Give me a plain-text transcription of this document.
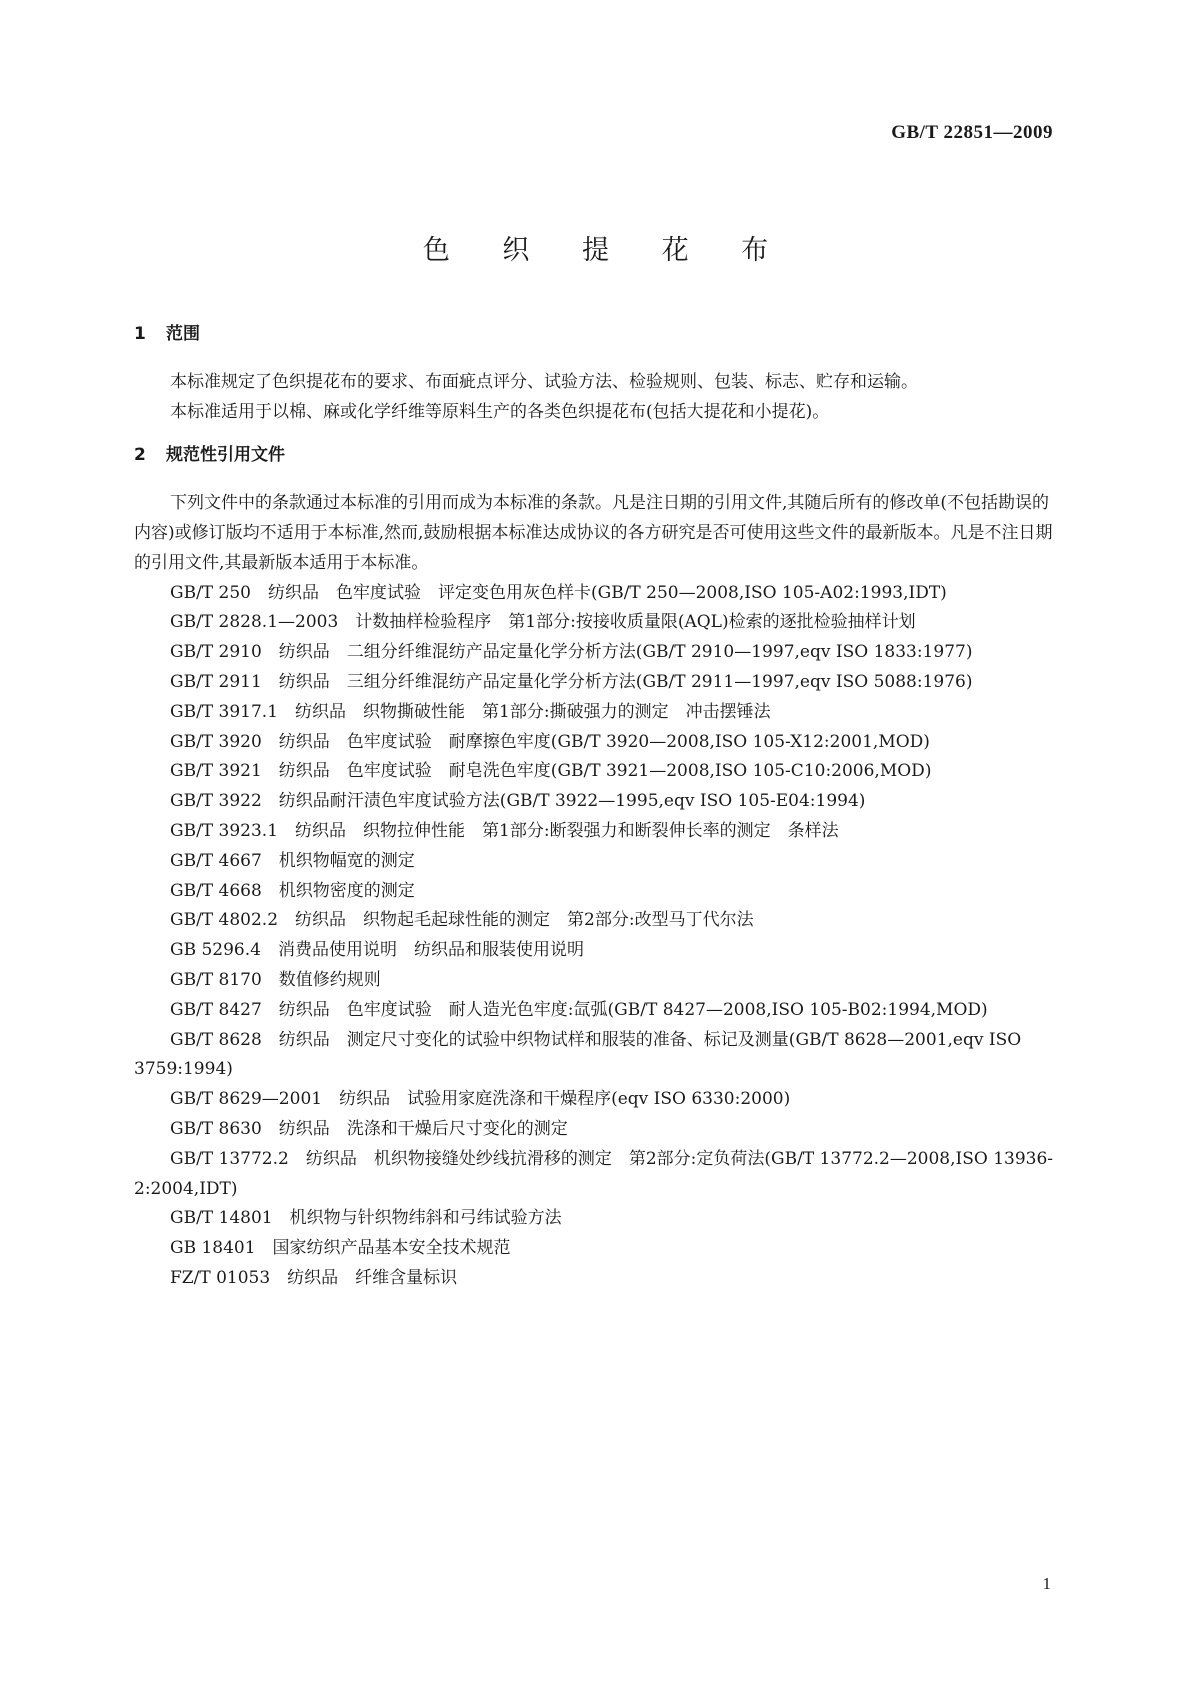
GB/T 22851—2009
色 织 提 花 布
1 范围
本标准规定了色织提花布的要求、布面疵点评分、试验方法、检验规则、包装、标志、贮存和运输。
本标准适用于以棉、麻或化学纤维等原料生产的各类色织提花布(包括大提花和小提花)。
2 规范性引用文件
下列文件中的条款通过本标准的引用而成为本标准的条款。凡是注日期的引用文件,其随后所有的修改单(不包括勘误的内容)或修订版均不适用于本标准,然而,鼓励根据本标准达成协议的各方研究是否可使用这些文件的最新版本。凡是不注日期的引用文件,其最新版本适用于本标准。
GB/T 250　纺织品　色牢度试验　评定变色用灰色样卡(GB/T 250—2008,ISO 105-A02:1993,IDT)
GB/T 2828.1—2003　计数抽样检验程序　第1部分:按接收质量限(AQL)检索的逐批检验抽样计划
GB/T 2910　纺织品　二组分纤维混纺产品定量化学分析方法(GB/T 2910—1997,eqv ISO 1833:1977)
GB/T 2911　纺织品　三组分纤维混纺产品定量化学分析方法(GB/T 2911—1997,eqv ISO 5088:1976)
GB/T 3917.1　纺织品　织物撕破性能　第1部分:撕破强力的测定　冲击摆锤法
GB/T 3920　纺织品　色牢度试验　耐摩擦色牢度(GB/T 3920—2008,ISO 105-X12:2001,MOD)
GB/T 3921　纺织品　色牢度试验　耐皂洗色牢度(GB/T 3921—2008,ISO 105-C10:2006,MOD)
GB/T 3922　纺织品耐汗渍色牢度试验方法(GB/T 3922—1995,eqv ISO 105-E04:1994)
GB/T 3923.1　纺织品　织物拉伸性能　第1部分:断裂强力和断裂伸长率的测定　条样法
GB/T 4667　机织物幅宽的测定
GB/T 4668　机织物密度的测定
GB/T 4802.2　纺织品　织物起毛起球性能的测定　第2部分:改型马丁代尔法
GB 5296.4　消费品使用说明　纺织品和服装使用说明
GB/T 8170　数值修约规则
GB/T 8427　纺织品　色牢度试验　耐人造光色牢度:氙弧(GB/T 8427—2008,ISO 105-B02:1994,MOD)
GB/T 8628　纺织品　测定尺寸变化的试验中织物试样和服装的准备、标记及测量(GB/T 8628—2001,eqv ISO 3759:1994)
GB/T 8629—2001　纺织品　试验用家庭洗涤和干燥程序(eqv ISO 6330:2000)
GB/T 8630　纺织品　洗涤和干燥后尺寸变化的测定
GB/T 13772.2　纺织品　机织物接缝处纱线抗滑移的测定　第2部分:定负荷法(GB/T 13772.2—2008,ISO 13936-2:2004,IDT)
GB/T 14801　机织物与针织物纬斜和弓纬试验方法
GB 18401　国家纺织产品基本安全技术规范
FZ/T 01053　纺织品　纤维含量标识
1
